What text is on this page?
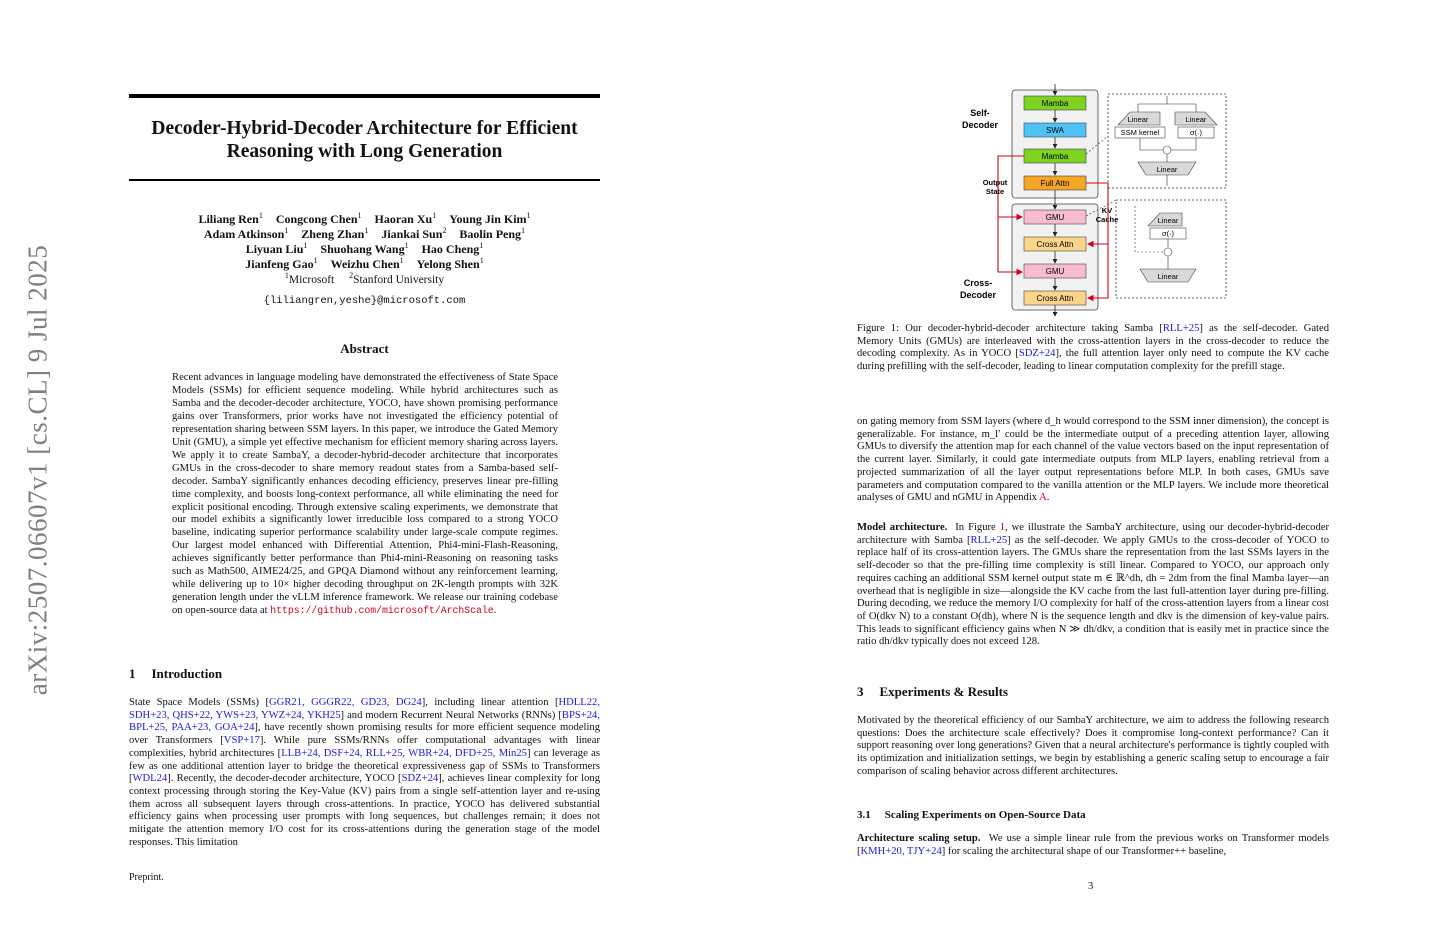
arXiv:2507.06607v1 [cs.CL] 9 Jul 2025
Decoder-Hybrid-Decoder Architecture for Efficient Reasoning with Long Generation
Liliang Ren$^1$ Congcong Chen$^1$ Haoran Xu$^1$ Young Jin Kim$^1$
Adam Atkinson$^1$ Zheng Zhan$^1$ Jiankai Sun$^2$ Baolin Peng$^1$
Liyuan Liu$^1$ Shuohang Wang$^1$ Hao Cheng$^1$
Jianfeng Gao$^1$ Weizhu Chen$^1$ Yelong Shen$^1$
$^1$Microsoft $^2$Stanford University
{liliangren,yeshe}@microsoft.com
Abstract
Recent advances in language modeling have demonstrated the effectiveness of State Space Models (SSMs) for efficient sequence modeling. While hybrid architectures such as Samba and the decoder-decoder architecture, YOCO, have shown promising performance gains over Transformers, prior works have not investigated the efficiency potential of representation sharing between SSM layers. In this paper, we introduce the Gated Memory Unit (GMU), a simple yet effective mechanism for efficient memory sharing across layers. We apply it to create SambaY, a decoder-hybrid-decoder architecture that incorporates GMUs in the cross-decoder to share memory readout states from a Samba-based self-decoder. SambaY significantly enhances decoding efficiency, preserves linear pre-filling time complexity, and boosts long-context performance, all while eliminating the need for explicit positional encoding. Through extensive scaling experiments, we demonstrate that our model exhibits a significantly lower irreducible loss compared to a strong YOCO baseline, indicating superior performance scalability under large-scale compute regimes. Our largest model enhanced with Differential Attention, Phi4-mini-Flash-Reasoning, achieves significantly better performance than Phi4-mini-Reasoning on reasoning tasks such as Math500, AIME24/25, and GPQA Diamond without any reinforcement learning, while delivering up to 10× higher decoding throughput on 2K-length prompts with 32K generation length under the vLLM inference framework. We release our training codebase on open-source data at https://github.com/microsoft/ArchScale.
1 Introduction
State Space Models (SSMs) [GGR21, GGGR22, GD23, DG24], including linear attention [HDLL22, SDH+23, QHS+22, YWS+23, YWZ+24, YKH25] and modern Recurrent Neural Networks (RNNs) [BPS+24, BPL+25, PAA+23, GOA+24], have recently shown promising results for more efficient sequence modeling over Transformers [VSP+17]. While pure SSMs/RNNs offer computational advantages with linear complexities, hybrid architectures [LLB+24, DSF+24, RLL+25, WBR+24, DFD+25, Min25] can leverage as few as one additional attention layer to bridge the theoretical expressiveness gap of SSMs to Transformers [WDL24]. Recently, the decoder-decoder architecture, YOCO [SDZ+24], achieves linear complexity for long context processing through storing the Key-Value (KV) pairs from a single self-attention layer and re-using them across all subsequent layers through cross-attentions. In practice, YOCO has delivered substantial efficiency gains when processing user prompts with long sequences, but challenges remain; it does not mitigate the attention memory I/O cost for its cross-attentions during the generation stage of the model responses. This limitation
Preprint.
Self-Decoder
Cross-Decoder
Output State
KV Cache
Mamba
SWA
Mamba
Full Attn
GMU
Cross Attn
GMU
Cross Attn
Linear	Linear
SSM kernel	σ(·)
Linear
Linear
σ(·)
Linear
Figure 1: Our decoder-hybrid-decoder architecture taking Samba [RLL+25] as the self-decoder. Gated Memory Units (GMUs) are interleaved with the cross-attention layers in the cross-decoder to reduce the decoding complexity. As in YOCO [SDZ+24], the full attention layer only need to compute the KV cache during prefilling with the self-decoder, leading to linear computation complexity for the prefill stage.
on gating memory from SSM layers (where d_h would correspond to the SSM inner dimension), the concept is generalizable. For instance, m_l′ could be the intermediate output of a preceding attention layer, allowing GMUs to diversify the attention map for each channel of the value vectors based on the input representation of the current layer. Similarly, it could gate intermediate outputs from MLP layers, enabling retrieval from a projected summarization of all the layer output representations before MLP. In both cases, GMUs save parameters and computation compared to the vanilla attention or the MLP layers. We include more theoretical analyses of GMU and nGMU in Appendix A.
Model architecture. In Figure 1, we illustrate the SambaY architecture, using our decoder-hybrid-decoder architecture with Samba [RLL+25] as the self-decoder. We apply GMUs to the cross-decoder of YOCO to replace half of its cross-attention layers. The GMUs share the representation from the last SSMs layers in the self-decoder so that the pre-filling time complexity is still linear. Compared to YOCO, our approach only requires caching an additional SSM kernel output state m ∈ ℝ^dh, dh = 2dm from the final Mamba layer—an overhead that is negligible in size—alongside the KV cache from the last full-attention layer during pre-filling. During decoding, we reduce the memory I/O complexity for half of the cross-attention layers from a linear cost of O(dkv N) to a constant O(dh), where N is the sequence length and dkv is the dimension of key-value pairs. This leads to significant efficiency gains when N ≫ dh/dkv, a condition that is easily met in practice since the ratio dh/dkv typically does not exceed 128.
3 Experiments & Results
Motivated by the theoretical efficiency of our SambaY architecture, we aim to address the following research questions: Does the architecture scale effectively? Does it compromise long-context performance? Can it support reasoning over long generations? Given that a neural architecture's performance is tightly coupled with its optimization and initialization settings, we begin by establishing a generic scaling setup to encourage a fair comparison of scaling behavior across different architectures.
3.1 Scaling Experiments on Open-Source Data
Architecture scaling setup. We use a simple linear rule from the previous works on Transformer models [KMH+20, TJY+24] for scaling the architectural shape of our Transformer++ baseline,
3
